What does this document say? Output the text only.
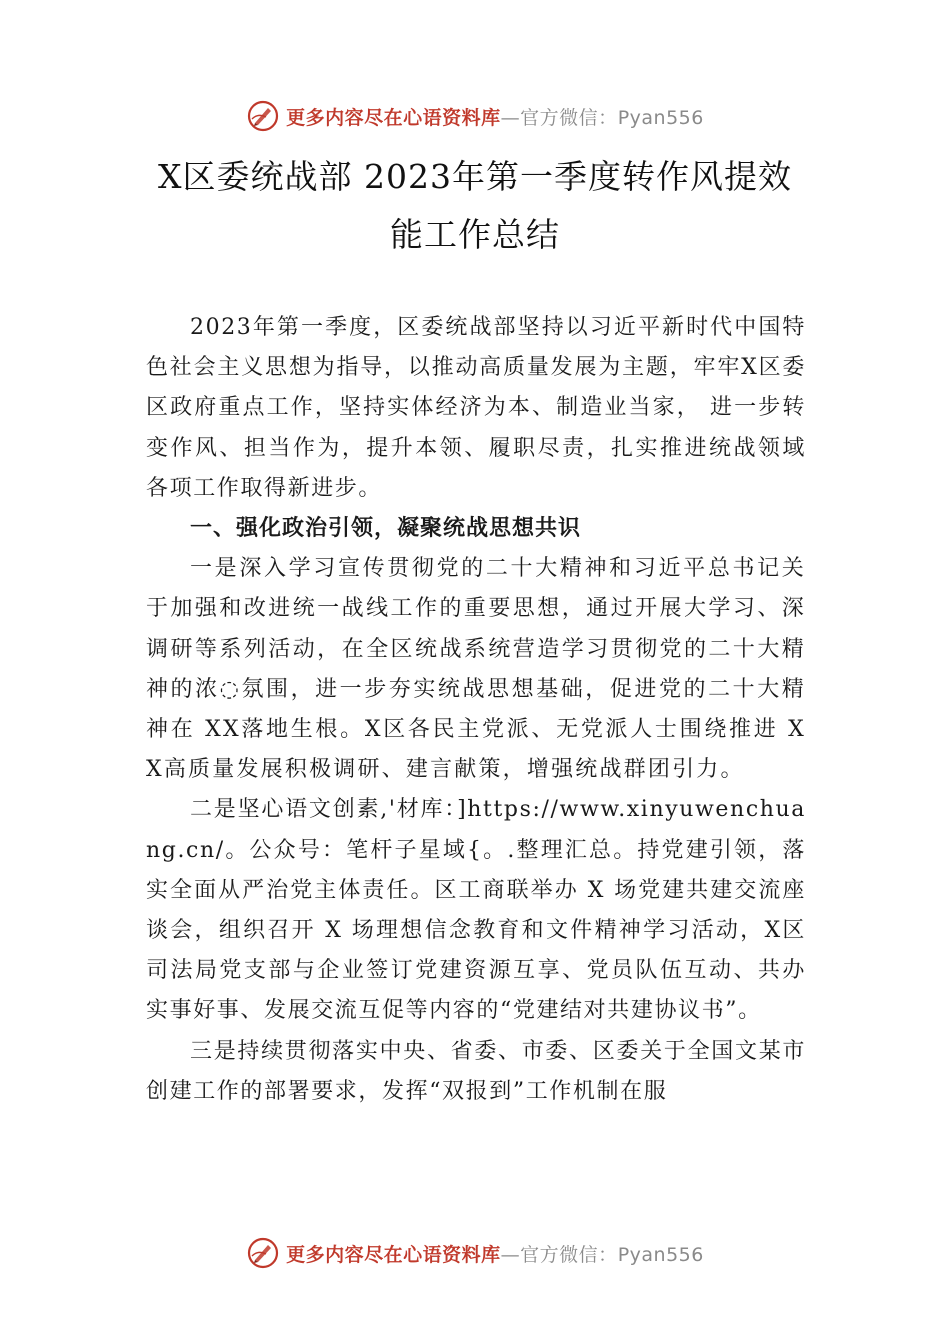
更多内容尽在心语资料库—官方微信：Pyan556
X区委统战部 2023年第一季度转作风提效
能工作总结

2023年第一季度，区委统战部坚持以习近平新时代中国特色社会主义思想为指导，以推动高质量发展为主题，牢牢X区委区政府重点工作，坚持实体经济为本、制造业当家， 进一步转变作风、担当作为，提升本领、履职尽责，扎实推进统战领域各项工作取得新进步。

一、强化政治引领，凝聚统战思想共识

一是深入学习宣传贯彻党的二十大精神和习近平总书记关于加强和改进统一战线工作的重要思想，通过开展大学习、深调研等系列活动，在全区统战系统营造学习贯彻党的二十大精神的浓◌氛围，进一步夯实统战思想基础，促进党的二十大精神在 XX落地生根。X区各民主党派、无党派人士围绕推进 XX高质量发展积极调研、建言献策，增强统战群团引力。

二是坚心语文创素,'材库：]https://www.xinyuwenchuang.cn/。公众号：笔杆子星域{。.整理汇总。持党建引领，落实全面从严治党主体责任。区工商联举办 X 场党建共建交流座谈会，组织召开 X 场理想信念教育和文件精神学习活动，X区司法局党支部与企业签订党建资源互享、党员队伍互动、共办实事好事、发展交流互促等内容的“党建结对共建协议书”。

三是持续贯彻落实中央、省委、市委、区委关于全国文某市创建工作的部署要求，发挥“双报到”工作机制在服

更多内容尽在心语资料库—官方微信：Pyan556
